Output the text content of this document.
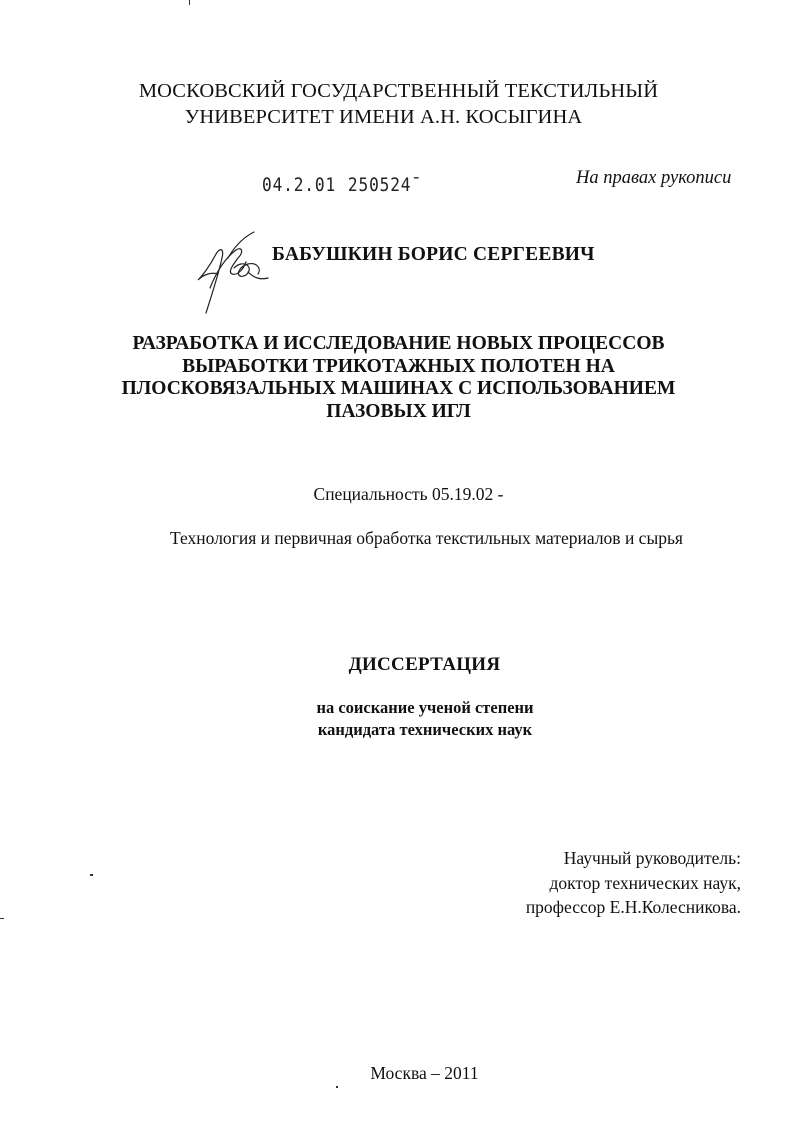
МОСКОВСКИЙ ГОСУДАРСТВЕННЫЙ ТЕКСТИЛЬНЫЙ
УНИВЕРСИТЕТ ИМЕНИ А.Н. КОСЫГИНА
04.2.01 250524ˉ	На правах рукописи
БАБУШКИН БОРИС СЕРГЕЕВИЧ
РАЗРАБОТКА И ИССЛЕДОВАНИЕ НОВЫХ ПРОЦЕССОВ
ВЫРАБОТКИ ТРИКОТАЖНЫХ ПОЛОТЕН НА
ПЛОСКОВЯЗАЛЬНЫХ МАШИНАХ С ИСПОЛЬЗОВАНИЕМ
ПАЗОВЫХ ИГЛ
Специальность 05.19.02 -
Технология и первичная обработка текстильных материалов и сырья
ДИССЕРТАЦИЯ
на соискание ученой степени
кандидата технических наук
Научный руководитель:
доктор технических наук,
профессор Е.Н.Колесникова.
Москва – 2011
